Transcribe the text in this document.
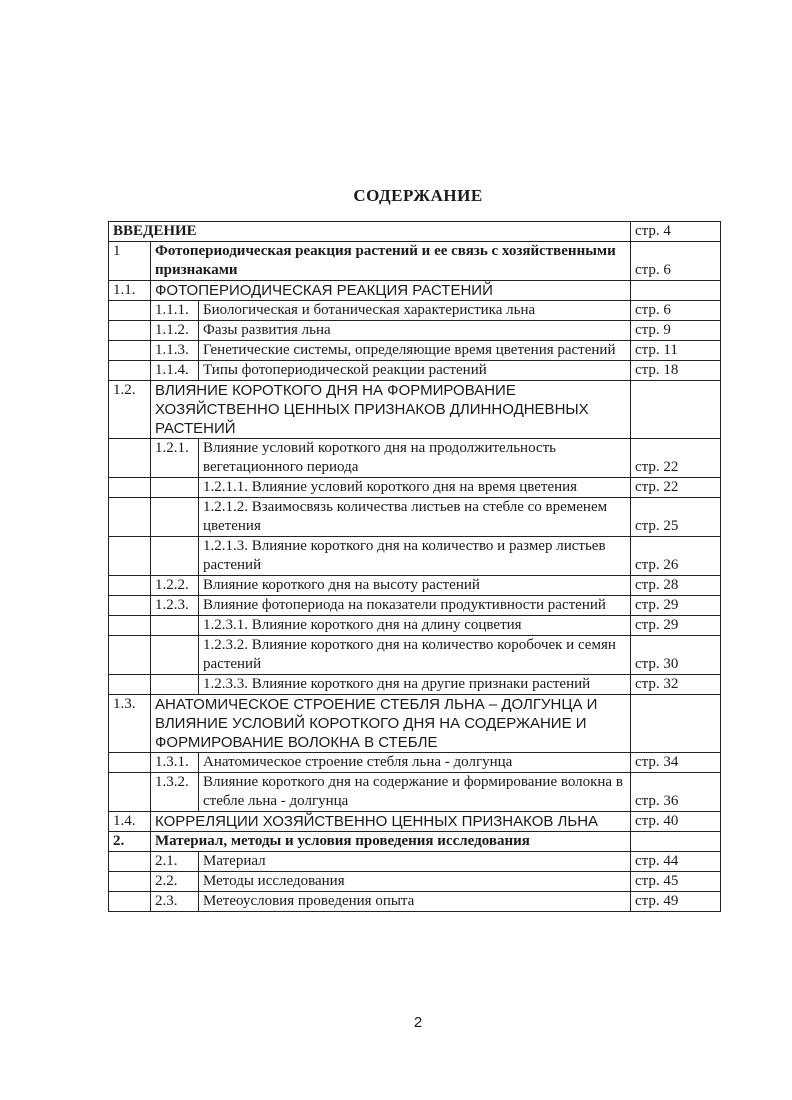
СОДЕРЖАНИЕ
ВВЕДЕНИЕ			стр. 4
1	Фотопериодическая реакция растений и ее связь с хозяйственными признаками		стр. 6
1.1.	ФОТОПЕРИОДИЧЕСКАЯ РЕАКЦИЯ РАСТЕНИЙ		
	1.1.1.	Биологическая и ботаническая характеристика льна	стр. 6
	1.1.2.	Фазы развития льна	стр. 9
	1.1.3.	Генетические системы, определяющие время цветения растений	стр. 11
	1.1.4.	Типы фотопериодической реакции растений	стр. 18
1.2.	ВЛИЯНИЕ КОРОТКОГО ДНЯ НА ФОРМИРОВАНИЕ ХОЗЯЙСТВЕННО ЦЕННЫХ ПРИЗНАКОВ ДЛИННОДНЕВНЫХ РАСТЕНИЙ		
	1.2.1.	Влияние условий короткого дня на продолжительность вегетационного периода	стр. 22
		1.2.1.1. Влияние условий короткого дня на время цветения	стр. 22
		1.2.1.2. Взаимосвязь количества листьев на стебле со временем цветения	стр. 25
		1.2.1.3. Влияние короткого дня на количество и размер листьев растений	стр. 26
	1.2.2.	Влияние короткого дня на высоту растений	стр. 28
	1.2.3.	Влияние фотопериода на показатели продуктивности растений	стр. 29
		1.2.3.1. Влияние короткого дня на длину соцветия	стр. 29
		1.2.3.2. Влияние короткого дня на количество коробочек и семян растений	стр. 30
		1.2.3.3. Влияние короткого дня на другие признаки растений	стр. 32
1.3.	АНАТОМИЧЕСКОЕ СТРОЕНИЕ СТЕБЛЯ ЛЬНА – ДОЛГУНЦА И ВЛИЯНИЕ УСЛОВИЙ КОРОТКОГО ДНЯ НА СОДЕРЖАНИЕ И ФОРМИРОВАНИЕ ВОЛОКНА В СТЕБЛЕ		
	1.3.1.	Анатомическое строение стебля льна - долгунца	стр. 34
	1.3.2.	Влияние короткого дня на содержание и формирование волокна в стебле льна - долгунца	стр. 36
1.4.	КОРРЕЛЯЦИИ ХОЗЯЙСТВЕННО ЦЕННЫХ ПРИЗНАКОВ ЛЬНА		стр. 40
2.	Материал, методы и условия проведения исследования		
	2.1.	Материал	стр. 44
	2.2.	Методы исследования	стр. 45
	2.3.	Метеоусловия проведения опыта	стр. 49
2
